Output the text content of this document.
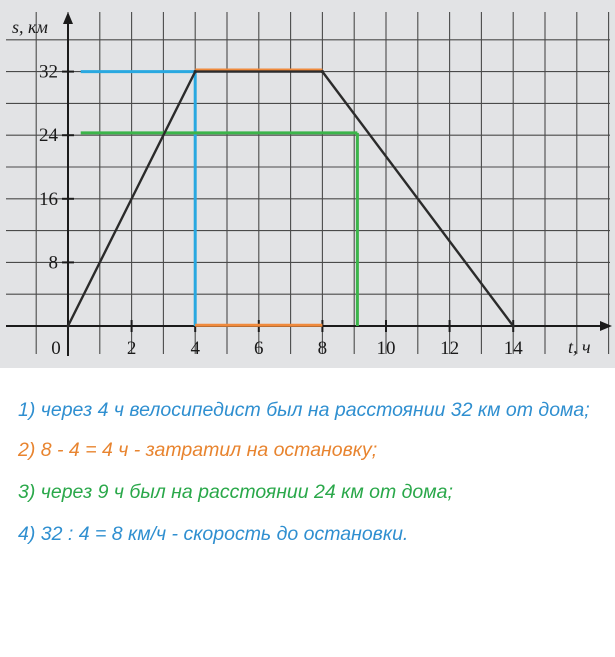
8
16
24
32
0	2	4	6	8	10 12 14
s, км
t, ч

1) через 4 ч велосипедист был на расстоянии 32 км от дома;

2) 8 - 4 = 4 ч - затратил на остановку;

3) через 9 ч был на расстоянии 24 км от дома;

4) 32 : 4 = 8 км/ч - скорость до остановки.
